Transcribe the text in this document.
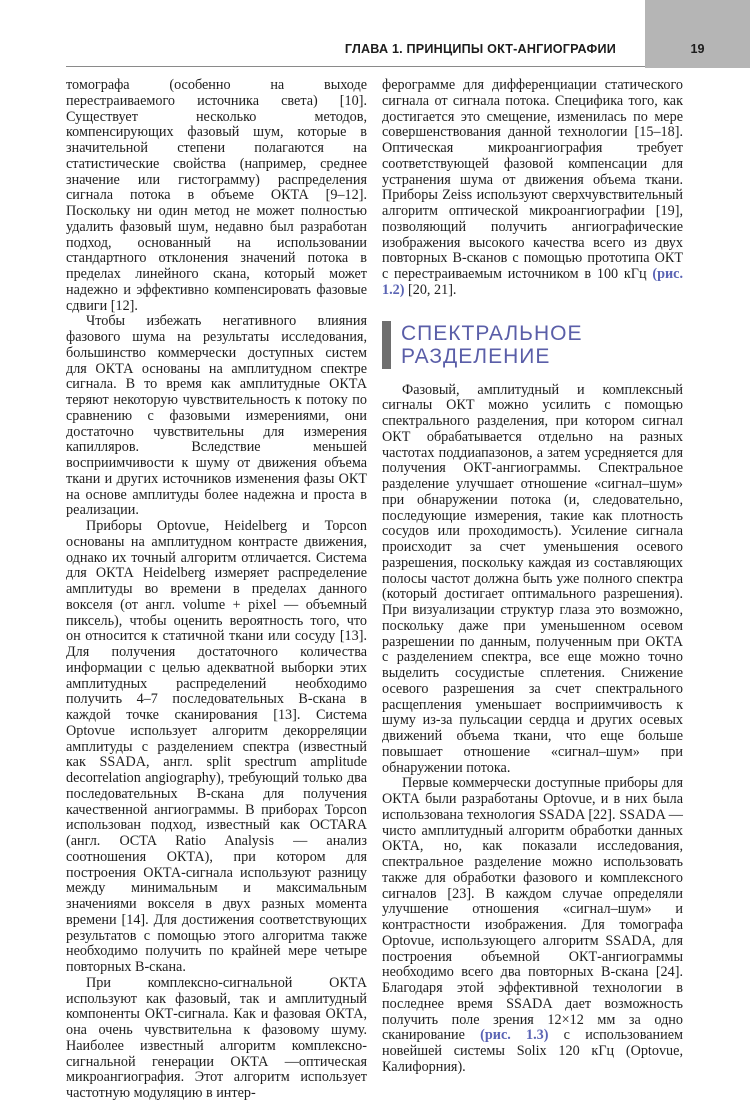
ГЛАВА 1. ПРИНЦИПЫ ОКТ-АНГИОГРАФИИ	19

томографа (особенно на выходе перестраиваемого источника света) [10]. Существует несколько методов, компенсирующих фазовый шум, которые в значительной степени полагаются на статистические свойства (например, среднее значение или гистограмму) распределения сигнала потока в объеме ОКТА [9–12]. Поскольку ни один метод не может полностью удалить фазовый шум, недавно был разработан подход, основанный на использовании стандартного отклонения значений потока в пределах линейного скана, который может надежно и эффективно компенсировать фазовые сдвиги [12].

Чтобы избежать негативного влияния фазового шума на результаты исследования, большинство коммерчески доступных систем для ОКТА основаны на амплитудном спектре сигнала. В то время как амплитудные ОКТА теряют некоторую чувствительность к потоку по сравнению с фазовыми измерениями, они достаточно чувствительны для измерения капилляров. Вследствие меньшей восприимчивости к шуму от движения объема ткани и других источников изменения фазы ОКТ на основе амплитуды более надежна и проста в реализации.

Приборы Optovue, Heidelberg и Topcon основаны на амплитудном контрасте движения, однако их точный алгоритм отличается. Система для ОКТА Heidelberg измеряет распределение амплитуды во времени в пределах данного вокселя (от англ. volume + pixel — объемный пиксель), чтобы оценить вероятность того, что он относится к статичной ткани или сосуду [13]. Для получения достаточного количества информации с целью адекватной выборки этих амплитудных распределений необходимо получить 4–7 последовательных B-скана в каждой точке сканирования [13]. Система Optovue использует алгоритм декорреляции амплитуды с разделением спектра (известный как SSADA, англ. split spectrum amplitude decorrelation angiography), требующий только два последовательных B-скана для получения качественной ангиограммы. В приборах Topcon использован подход, известный как OCTARA (англ. OCTA Ratio Analysis — анализ соотношения ОКТА), при котором для построения ОКТА-сигнала используют разницу между минимальным и максимальным значениями вокселя в двух разных момента времени [14]. Для достижения соответствующих результатов с помощью этого алгоритма также необходимо получить по крайней мере четыре повторных B-скана.

При комплексно-сигнальной ОКТА используют как фазовый, так и амплитудный компоненты ОКТ-сигнала. Как и фазовая ОКТА, она очень чувствительна к фазовому шуму. Наиболее известный алгоритм комплексно-сигнальной генерации ОКТА —оптическая микроангиография. Этот алгоритм использует частотную модуляцию в интер-

ферограмме для дифференциации статического сигнала от сигнала потока. Специфика того, как достигается это смещение, изменилась по мере совершенствования данной технологии [15–18]. Оптическая микроангиография требует соответствующей фазовой компенсации для устранения шума от движения объема ткани. Приборы Zeiss используют сверхчувствительный алгоритм оптической микроангиографии [19], позволяющий получить ангиографические изображения высокого качества всего из двух повторных B-сканов с помощью прототипа ОКТ с перестраиваемым источником в 100 кГц (рис. 1.2) [20, 21].

СПЕКТРАЛЬНОЕ
РАЗДЕЛЕНИЕ

Фазовый, амплитудный и комплексный сигналы ОКТ можно усилить с помощью спектрального разделения, при котором сигнал ОКТ обрабатывается отдельно на разных частотах поддиапазонов, а затем усредняется для получения ОКТ-ангиограммы. Спектральное разделение улучшает отношение «сигнал–шум» при обнаружении потока (и, следовательно, последующие измерения, такие как плотность сосудов или проходимость). Усиление сигнала происходит за счет уменьшения осевого разрешения, поскольку каждая из составляющих полосы частот должна быть уже полного спектра (который достигает оптимального разрешения). При визуализации структур глаза это возможно, поскольку даже при уменьшенном осевом разрешении по данным, полученным при ОКТА с разделением спектра, все еще можно точно выделить сосудистые сплетения. Снижение осевого разрешения за счет спектрального расщепления уменьшает восприимчивость к шуму из-за пульсации сердца и других осевых движений объема ткани, что еще больше повышает отношение «сигнал–шум» при обнаружении потока.

Первые коммерчески доступные приборы для ОКТА были разработаны Optovue, и в них была использована технология SSADA [22]. SSADA — чисто амплитудный алгоритм обработки данных ОКТА, но, как показали исследования, спектральное разделение можно использовать также для обработки фазового и комплексного сигналов [23]. В каждом случае определяли улучшение отношения «сигнал–шум» и контрастности изображения. Для томографа Optovue, использующего алгоритм SSADA, для построения объемной ОКТ-ангиограммы необходимо всего два повторных B-скана [24]. Благодаря этой эффективной технологии в последнее время SSADA дает возможность получить поле зрения 12×12 мм за одно сканирование (рис. 1.3) с использованием новейшей системы Solix 120 кГц (Optovue, Калифорния).
